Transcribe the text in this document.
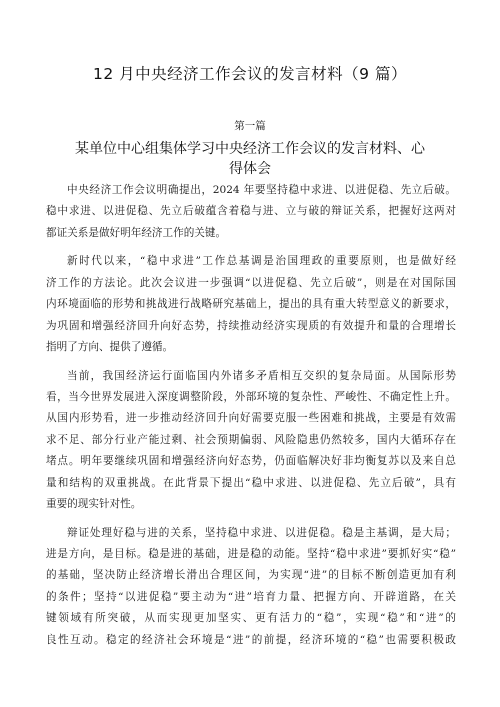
12 月中央经济工作会议的发言材料（9 篇）
第一篇
某单位中心组集体学习中央经济工作会议的发言材料、心
得体会
中央经济工作会议明确提出，2024 年要坚持稳中求进、以进促稳、先立后破。
稳中求进、以进促稳、先立后破蕴含着稳与进、立与破的辩证关系，把握好这两对
都证关系是做好明年经济工作的关键。
新时代以来，“稳中求进”工作总基调是治国理政的重要原则，也是做好经
济工作的方法论。此次会议进一步强调“以进促稳、先立后破”，则是在对国际国
内环境面临的形势和挑战进行战略研究基础上，提出的具有重大转型意义的新要求，
为巩固和增强经济回升向好态势，持续推动经济实现质的有效提升和量的合理增长
指明了方向、提供了遵循。
当前，我国经济运行面临国内外诸多矛盾相互交织的复杂局面。从国际形势
看，当今世界发展进入深度调整阶段，外部环境的复杂性、严峻性、不确定性上升。
从国内形势看，进一步推动经济回升向好需要克服一些困难和挑战，主要是有效需
求不足、部分行业产能过剩、社会预期偏弱、风险隐患仍然较多，国内大循环存在
堵点。明年要继续巩固和增强经济向好态势，仍面临解决好非均衡复苏以及来自总
量和结构的双重挑战。在此背景下提出“稳中求进、以进促稳、先立后破”，具有
重要的现实针对性。
辩证处理好稳与进的关系，坚持稳中求进、以进促稳。稳是主基调，是大局；
进是方向，是目标。稳是进的基础，进是稳的动能。坚持“稳中求进”要抓好实“稳”
的基础，坚决防止经济增长滑出合理区间，为实现“进”的目标不断创造更加有利
的条件；坚持“以进促稳”要主动为“进”培育力量、把握方向、开辟道路，在关
键领域有所突破，从而实现更加坚实、更有活力的“稳”，实现“稳”和“进”的
良性互动。稳定的经济社会环境是“进”的前提，经济环境的“稳”也需要积极政
